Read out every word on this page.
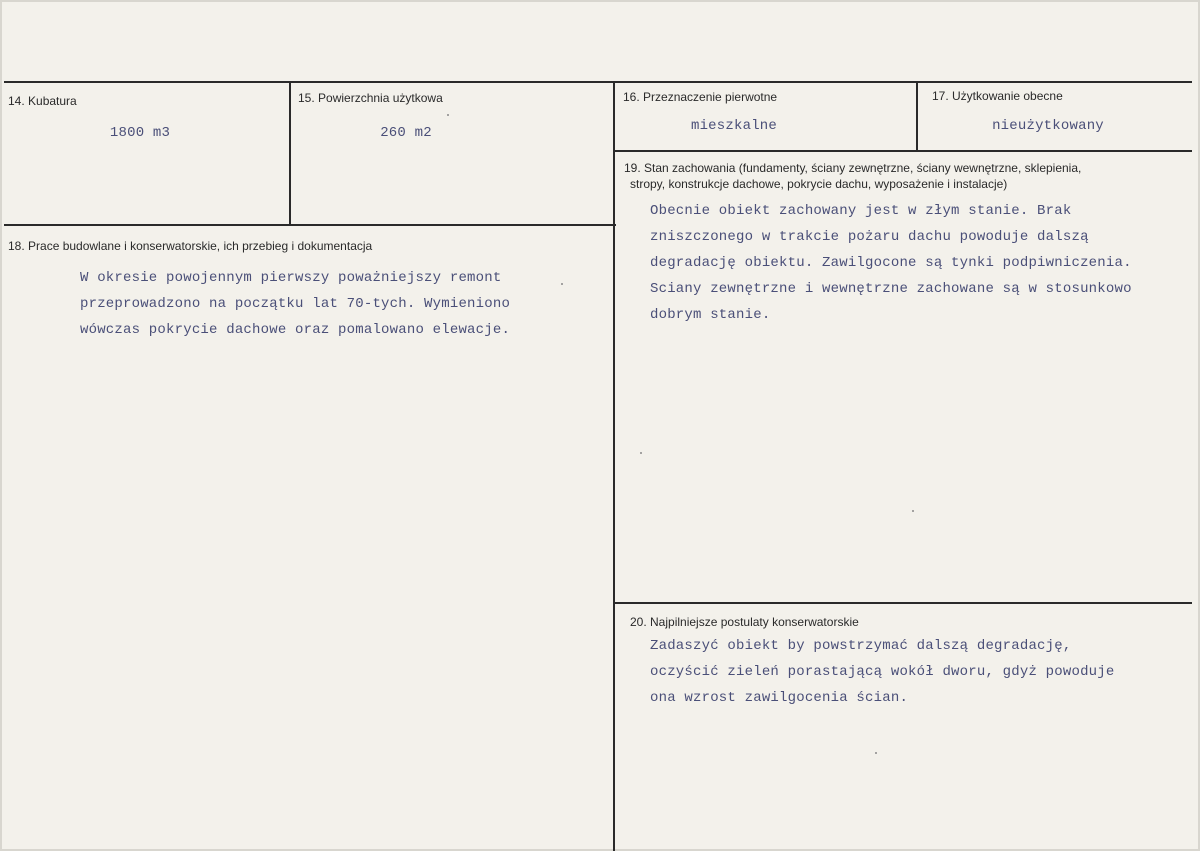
14. Kubatura
1800 m3
15. Powierzchnia użytkowa
260 m2
16. Przeznaczenie pierwotne
mieszkalne
17. Użytkowanie obecne
nieużytkowany
18. Prace budowlane i konserwatorskie, ich przebieg i dokumentacja
W okresie powojennym pierwszy poważniejszy remont
przeprowadzono na początku lat 70-tych. Wymieniono
wówczas pokrycie dachowe oraz pomalowano elewacje.
19. Stan zachowania (fundamenty, ściany zewnętrzne, ściany wewnętrzne, sklepienia,
stropy, konstrukcje dachowe, pokrycie dachu, wyposażenie i instalacje)
Obecnie obiekt zachowany jest w złym stanie. Brak
zniszczonego w trakcie pożaru dachu powoduje dalszą
degradację obiektu. Zawilgocone są tynki podpiwniczenia.
Sciany zewnętrzne i wewnętrzne zachowane są w stosunkowo
dobrym stanie.
20. Najpilniejsze postulaty konserwatorskie
Zadaszyć obiekt by powstrzymać dalszą degradację,
oczyścić zieleń porastającą wokół dworu, gdyż powoduje
ona wzrost zawilgocenia ścian.
